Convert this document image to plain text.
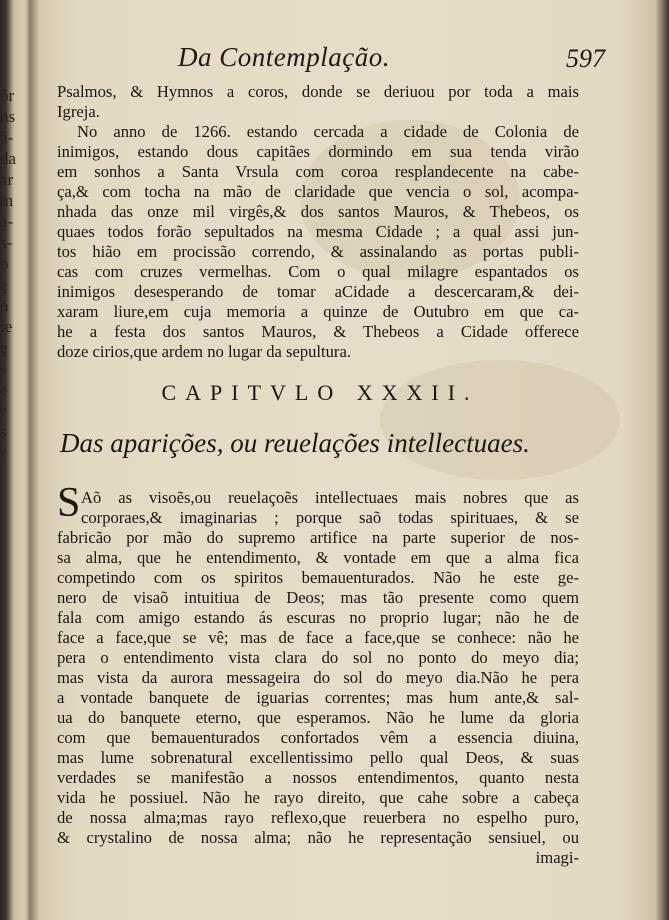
õr
ns
ã-
da
ar
m
a-
s-
o
ę
n
ie
ę
s
e
r
s
r
Da Contemplação.	597
Psalmos, & Hymnos a coros, donde se deriuou por toda a mais
Igreja.
No anno de 1266. estando cercada a cidade de Colonia de
inimigos, estando dous capitães dormindo em sua tenda virão
em sonhos a Santa Vrsula com coroa resplandecente na cabe-
ça,& com tocha na mão de claridade que vencia o sol, acompa-
nhada das onze mil virgês,& dos santos Mauros, & Thebeos, os
quaes todos forão sepultados na mesma Cidade ; a qual assi jun-
tos hião em procissão correndo, & assinalando as portas publi-
cas com cruzes vermelhas. Com o qual milagre espantados os
inimigos desesperando de tomar aCidade a descercaram,& dei-
xaram liure,em cuja memoria a quinze de Outubro em que ca-
he a festa dos santos Mauros, & Thebeos a Cidade offerece
doze cirios,que ardem no lugar da sepultura.
CAPITVLO XXXII.
Das aparições, ou reuelações intellectuaes.
S Aõ as visoẽs,ou reuelaçoẽs intellectuaes mais nobres que as
corporaes,& imaginarias ; porque saõ todas spirituaes, & se
fabricão por mão do supremo artifice na parte superior de nos-
sa alma, que he entendimento, & vontade em que a alma fica
competindo com os spiritos bemauenturados. Não he este ge-
nero de visaõ intuitiua de Deos; mas tão presente como quem
fala com amigo estando ás escuras no proprio lugar; não he de
face a face,que se vê; mas de face a face,que se conhece: não he
pera o entendimento vista clara do sol no ponto do meyo dia;
mas vista da aurora messageira do sol do meyo dia.Não he pera
a vontade banquete de iguarias correntes; mas hum ante,& sal-
ua do banquete eterno, que esperamos. Não he lume da gloria
com que bemauenturados confortados vêm a essencia diuina,
mas lume sobrenatural excellentissimo pello qual Deos, & suas
verdades se manifestão a nossos entendimentos, quanto nesta
vida he possiuel. Não he rayo direito, que cahe sobre a cabeça
de nossa alma;mas rayo reflexo,que reuerbera no espelho puro,
& crystalino de nossa alma; não he representação sensiuel, ou
imagi-
